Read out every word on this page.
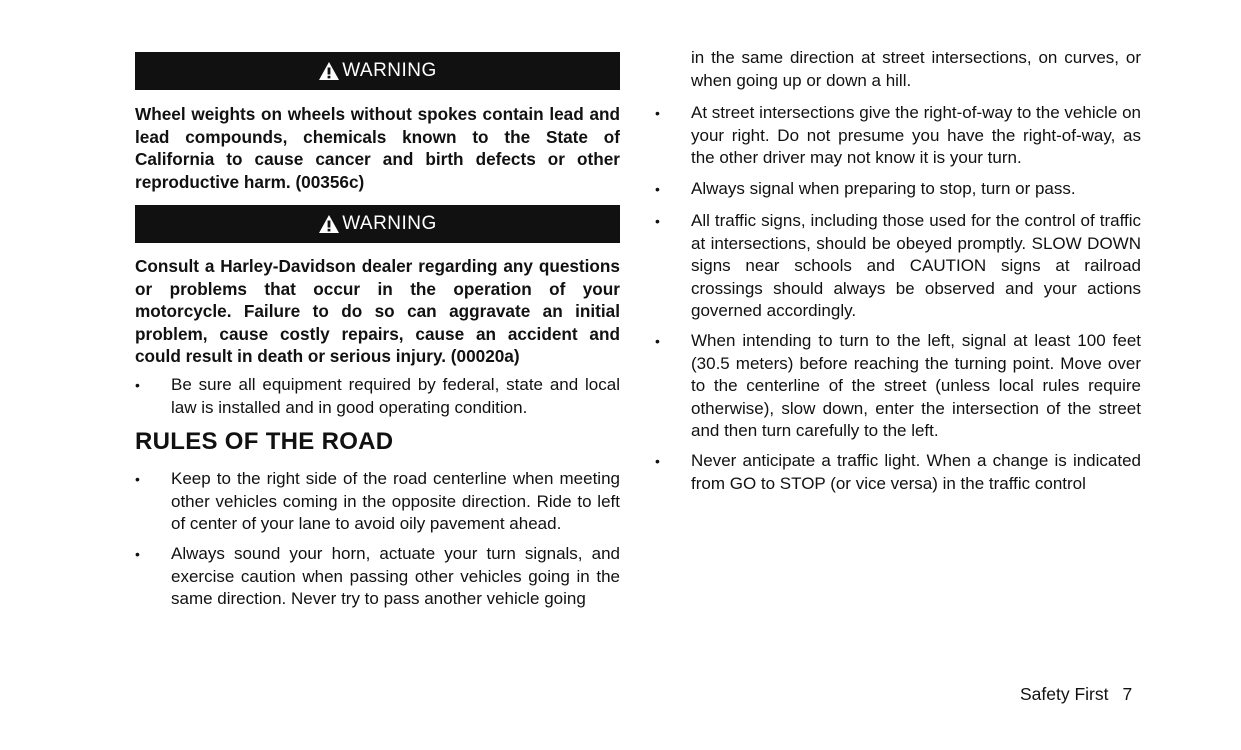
WARNING

Wheel weights on wheels without spokes contain lead and lead compounds, chemicals known to the State of California to cause cancer and birth defects or other reproductive harm. (00356c)

WARNING

Consult a Harley-Davidson dealer regarding any questions or problems that occur in the operation of your motorcycle. Failure to do so can aggravate an initial problem, cause costly repairs, cause an accident and could result in death or serious injury. (00020a)

• Be sure all equipment required by federal, state and local law is installed and in good operating condition.

RULES OF THE ROAD
• Keep to the right side of the road centerline when meeting other vehicles coming in the opposite direction. Ride to left of center of your lane to avoid oily pavement ahead.

• Always sound your horn, actuate your turn signals, and exercise caution when passing other vehicles going in the same direction. Never try to pass another vehicle going

in the same direction at street intersections, on curves, or when going up or down a hill.

• At street intersections give the right-of-way to the vehicle on your right. Do not presume you have the right-of-way, as the other driver may not know it is your turn.

• Always signal when preparing to stop, turn or pass.

• All traffic signs, including those used for the control of traffic at intersections, should be obeyed promptly. SLOW DOWN signs near schools and CAUTION signs at railroad crossings should always be observed and your actions governed accordingly.

• When intending to turn to the left, signal at least 100 feet (30.5 meters) before reaching the turning point. Move over to the centerline of the street (unless local rules require otherwise), slow down, enter the intersection of the street and then turn carefully to the left.

• Never anticipate a traffic light. When a change is indicated from GO to STOP (or vice versa) in the traffic control

Safety First 7
